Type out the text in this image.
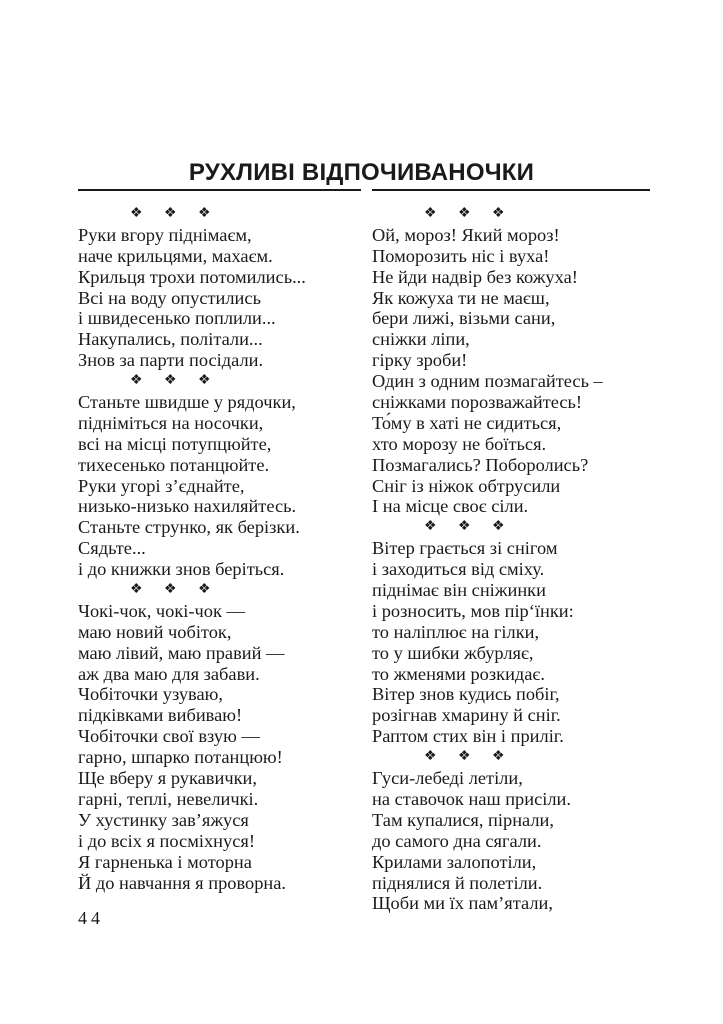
РУХЛИВІ ВІДПОЧИВАНОЧКИ
❖ ❖ ❖
Руки вгору піднімаєм,
наче крильцями, махаєм.
Крильця трохи потомились...
Всі на воду опустились
і швидесенько поплили...
Накупались, політали...
Знов за парти посідали.
❖ ❖ ❖
Станьте швидше у рядочки,
підніміться на носочки,
всі на місці потупцюйте,
тихесенько потанцюйте.
Руки угорі з’єднайте,
низько-низько нахиляйтесь.
Станьте струнко, як берізки.
Сядьте...
і до книжки знов беріться.
❖ ❖ ❖
Чокі-чок, чокі-чок —
маю новий чобіток,
маю лівий, маю правий —
аж два маю для забави.
Чобіточки узуваю,
підківками вибиваю!
Чобіточки свої взую —
гарно, шпарко потанцюю!
Ще вберу я рукавички,
гарні, теплі, невеличкі.
У хустинку зав’яжуся
і до всіх я посміхнуся!
Я гарненька і моторна
Й до навчання я проворна.
❖ ❖ ❖
Ой, мороз! Який мороз!
Поморозить ніс і вуха!
Не йди надвір без кожуха!
Як кожуха ти не маєш,
бери лижі, візьми сани,
сніжки ліпи,
гірку зроби!
Один з одним позмагайтесь –
сніжками порозважайтесь!
То́му в хаті не сидиться,
хто морозу не боїться.
Позмагались? Поборолись?
Сніг із ніжок обтрусили
І на місце своє сіли.
❖ ❖ ❖
Вітер грається зі снігом
і заходиться від сміху.
піднімає він сніжинки
і розносить, мов пір‘їнки:
то наліплює на гілки,
то у шибки жбурляє,
то жменями розкидає.
Вітер знов кудись побіг,
розігнав хмарину й сніг.
Раптом стих він і приліг.
❖ ❖ ❖
Гуси-лебеді летіли,
на ставочок наш присіли.
Там купалися, пірнали,
до самого дна сягали.
Крилами залопотіли,
піднялися й полетіли.
Щоби ми їх пам’ятали,
44
